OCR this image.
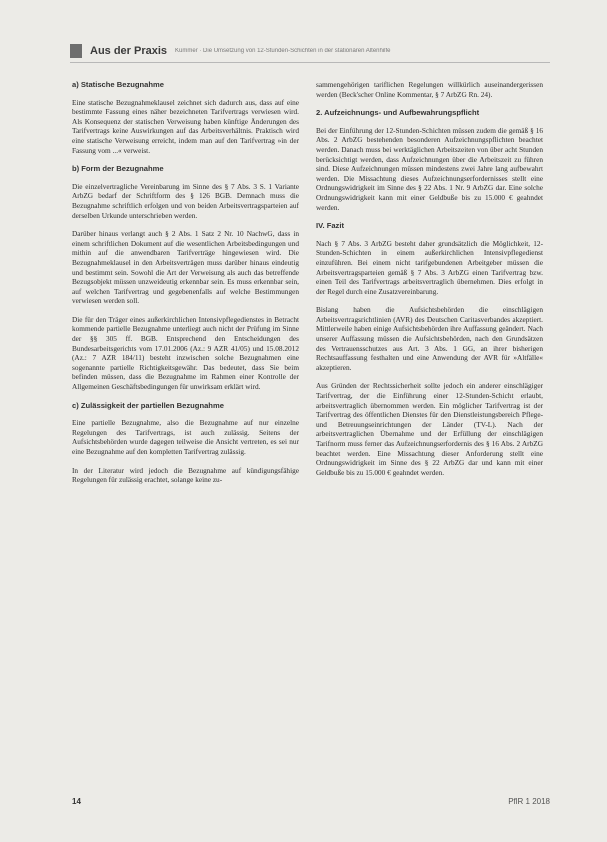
Aus der Praxis Kümmer · Die Umsetzung von 12-Stunden-Schichten in der stationären Altenhilfe
a) Statische Bezugnahme

Eine statische Bezugnahmeklausel zeichnet sich dadurch aus, dass auf eine bestimmte Fassung eines näher bezeichneten Tarifvertrags verwiesen wird. Als Konsequenz der statischen Verweisung haben künftige Änderungen des Tarifvertrags keine Auswirkungen auf das Arbeitsverhältnis. Praktisch wird eine statische Verweisung erreicht, indem man auf den Tarifvertrag »in der Fassung vom ...« verweist.

b) Form der Bezugnahme

Die einzelvertragliche Vereinbarung im Sinne des § 7 Abs. 3 S. 1 Variante ArbZG bedarf der Schriftform des § 126 BGB. Demnach muss die Bezugnahme schriftlich erfolgen und von beiden Arbeitsvertragsparteien auf derselben Urkunde unterschrieben werden.

Darüber hinaus verlangt auch § 2 Abs. 1 Satz 2 Nr. 10 NachwG, dass in einem schriftlichen Dokument auf die wesentlichen Arbeitsbedingungen und mithin auf die anwendbaren Tarifverträge hingewiesen wird. Die Bezugnahmeklausel in den Arbeitsverträgen muss darüber hinaus eindeutig und bestimmt sein. Sowohl die Art der Verweisung als auch das betreffende Bezugsobjekt müssen unzweideutig erkennbar sein. Es muss erkennbar sein, auf welchen Tarifvertrag und gegebenenfalls auf welche Bestimmungen verwiesen werden soll.

Die für den Träger eines außerkirchlichen Intensivpflegedienstes in Betracht kommende partielle Bezugnahme unterliegt auch nicht der Prüfung im Sinne der §§ 305 ff. BGB. Entsprechend den Entscheidungen des Bundesarbeitsgerichts vom 17.01.2006 (Az.: 9 AZR 41/05) und 15.08.2012 (Az.: 7 AZR 184/11) besteht inzwischen solche Bezugnahmen eine sogenannte partielle Richtigkeitsgewähr. Das bedeutet, dass Sie beim befinden müssen, dass die Bezugnahme im Rahmen einer Kontrolle der Allgemeinen Geschäftsbedingungen für unwirksam erklärt wird.

c) Zulässigkeit der partiellen Bezugnahme

Eine partielle Bezugnahme, also die Bezugnahme auf nur einzelne Regelungen des Tarifvertrags, ist auch zulässig. Seitens der Aufsichtsbehörden wurde dagegen teilweise die Ansicht vertreten, es sei nur eine Bezugnahme auf den kompletten Tarifvertrag zulässig.

In der Literatur wird jedoch die Bezugnahme auf kündigungsfähige Regelungen für zulässig erachtet, solange keine zu-

sammengehörigen tariflichen Regelungen willkürlich auseinandergerissen werden (Beck'scher Online Kommentar, § 7 ArbZG Rn. 24).

2. Aufzeichnungs- und Aufbewahrungspflicht

Bei der Einführung der 12-Stunden-Schichten müssen zudem die gemäß § 16 Abs. 2 ArbZG bestehenden besonderen Aufzeichnungspflichten beachtet werden. Danach muss bei werktäglichen Arbeitszeiten von über acht Stunden berücksichtigt werden, dass Aufzeichnungen über die Arbeitszeit zu führen sind. Diese Aufzeichnungen müssen mindestens zwei Jahre lang aufbewahrt werden. Die Missachtung dieses Aufzeichnungserfordernisses stellt eine Ordnungswidrigkeit im Sinne des § 22 Abs. 1 Nr. 9 ArbZG dar. Eine solche Ordnungswidrigkeit kann mit einer Geldbuße bis zu 15.000 € geahndet werden.

IV. Fazit

Nach § 7 Abs. 3 ArbZG besteht daher grundsätzlich die Möglichkeit, 12-Stunden-Schichten in einem außerkirchlichen Intensivpflegedienst einzuführen. Bei einem nicht tarifgebundenen Arbeitgeber müssen die Arbeitsvertragsparteien gemäß § 7 Abs. 3 ArbZG einen Tarifvertrag bzw. einen Teil des Tarifvertrags arbeitsvertraglich übernehmen. Dies erfolgt in der Regel durch eine Zusatzvereinbarung.

Bislang haben die Aufsichtsbehörden die einschlägigen Arbeitsvertragsrichtlinien (AVR) des Deutschen Caritasverbandes akzeptiert. Mittlerweile haben einige Aufsichtsbehörden ihre Auffassung geändert. Nach unserer Auffassung müssen die Aufsichtsbehörden, nach den Grundsätzen des Vertrauensschutzes aus Art. 3 Abs. 1 GG, an ihrer bisherigen Rechtsauffassung festhalten und eine Anwendung der AVR für »Altfälle« akzeptieren.

Aus Gründen der Rechtssicherheit sollte jedoch ein anderer einschlägiger Tarifvertrag, der die Einführung einer 12-Stunden-Schicht erlaubt, arbeitsvertraglich übernommen werden. Ein möglicher Tarifvertrag ist der Tarifvertrag des öffentlichen Dienstes für den Dienstleistungsbereich Pflege- und Betreuungseinrichtungen der Länder (TV-L). Nach der arbeitsvertraglichen Übernahme und der Erfüllung der einschlägigen Tarifnorm muss ferner das Aufzeichnungserfordernis des § 16 Abs. 2 ArbZG beachtet werden. Eine Missachtung dieser Anforderung stellt eine Ordnungswidrigkeit im Sinne des § 22 ArbZG dar und kann mit einer Geldbuße bis zu 15.000 € geahndet werden.

14	PflR 1 2018
